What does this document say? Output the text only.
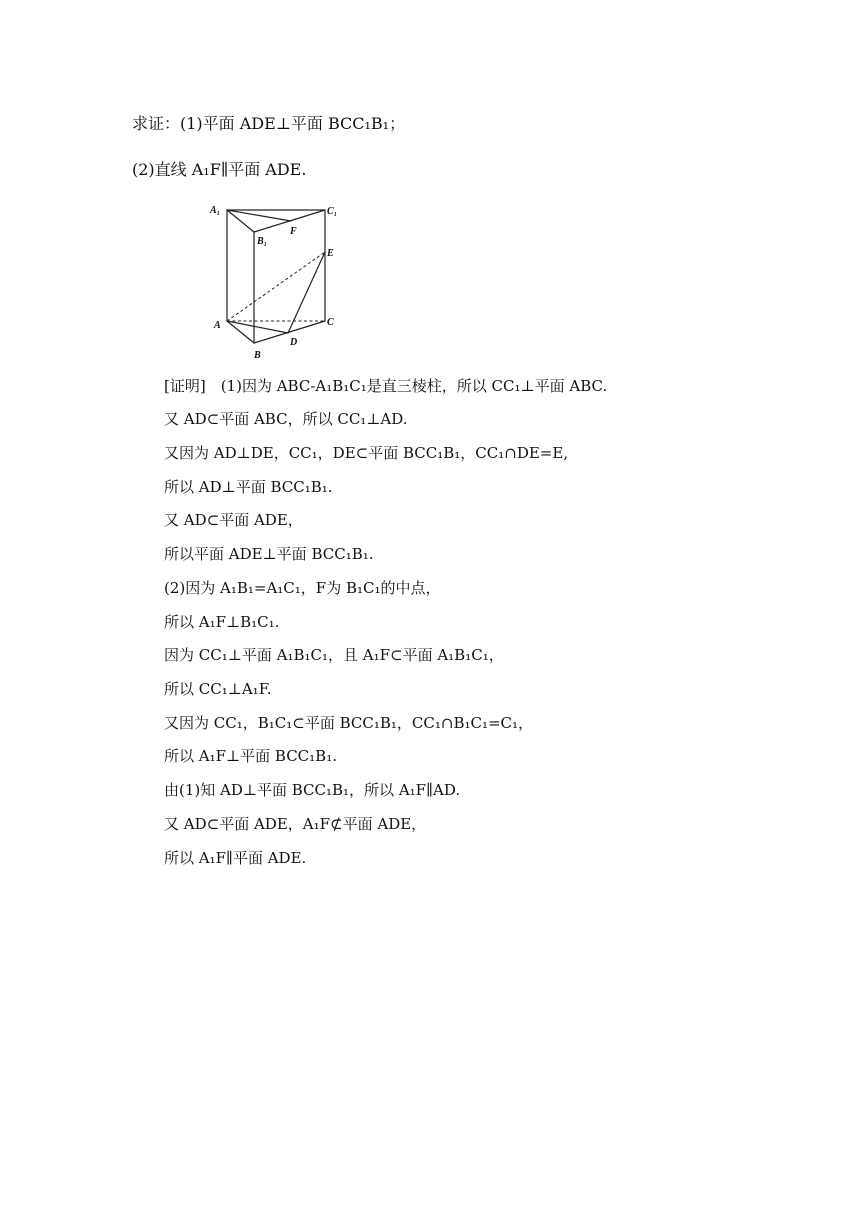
求证：(1)平面 ADE⊥平面 BCC₁B₁；
(2)直线 A₁F∥平面 ADE.
A₁	C₁
B₁
F
E
A	C
D
B
[证明]　(1)因为 ABC-A₁B₁C₁是直三棱柱，所以 CC₁⊥平面 ABC.
又 AD⊂平面 ABC，所以 CC₁⊥AD.
又因为 AD⊥DE，CC₁，DE⊂平面 BCC₁B₁，CC₁∩DE=E,
所以 AD⊥平面 BCC₁B₁.
又 AD⊂平面 ADE，
所以平面 ADE⊥平面 BCC₁B₁.
(2)因为 A₁B₁=A₁C₁，F为 B₁C₁的中点，
所以 A₁F⊥B₁C₁.
因为 CC₁⊥平面 A₁B₁C₁，且 A₁F⊂平面 A₁B₁C₁，
所以 CC₁⊥A₁F.
又因为 CC₁，B₁C₁⊂平面 BCC₁B₁，CC₁∩B₁C₁=C₁，
所以 A₁F⊥平面 BCC₁B₁.
由(1)知 AD⊥平面 BCC₁B₁，所以 A₁F∥AD.
又 AD⊂平面 ADE，A₁F⊄平面 ADE，
所以 A₁F∥平面 ADE.
